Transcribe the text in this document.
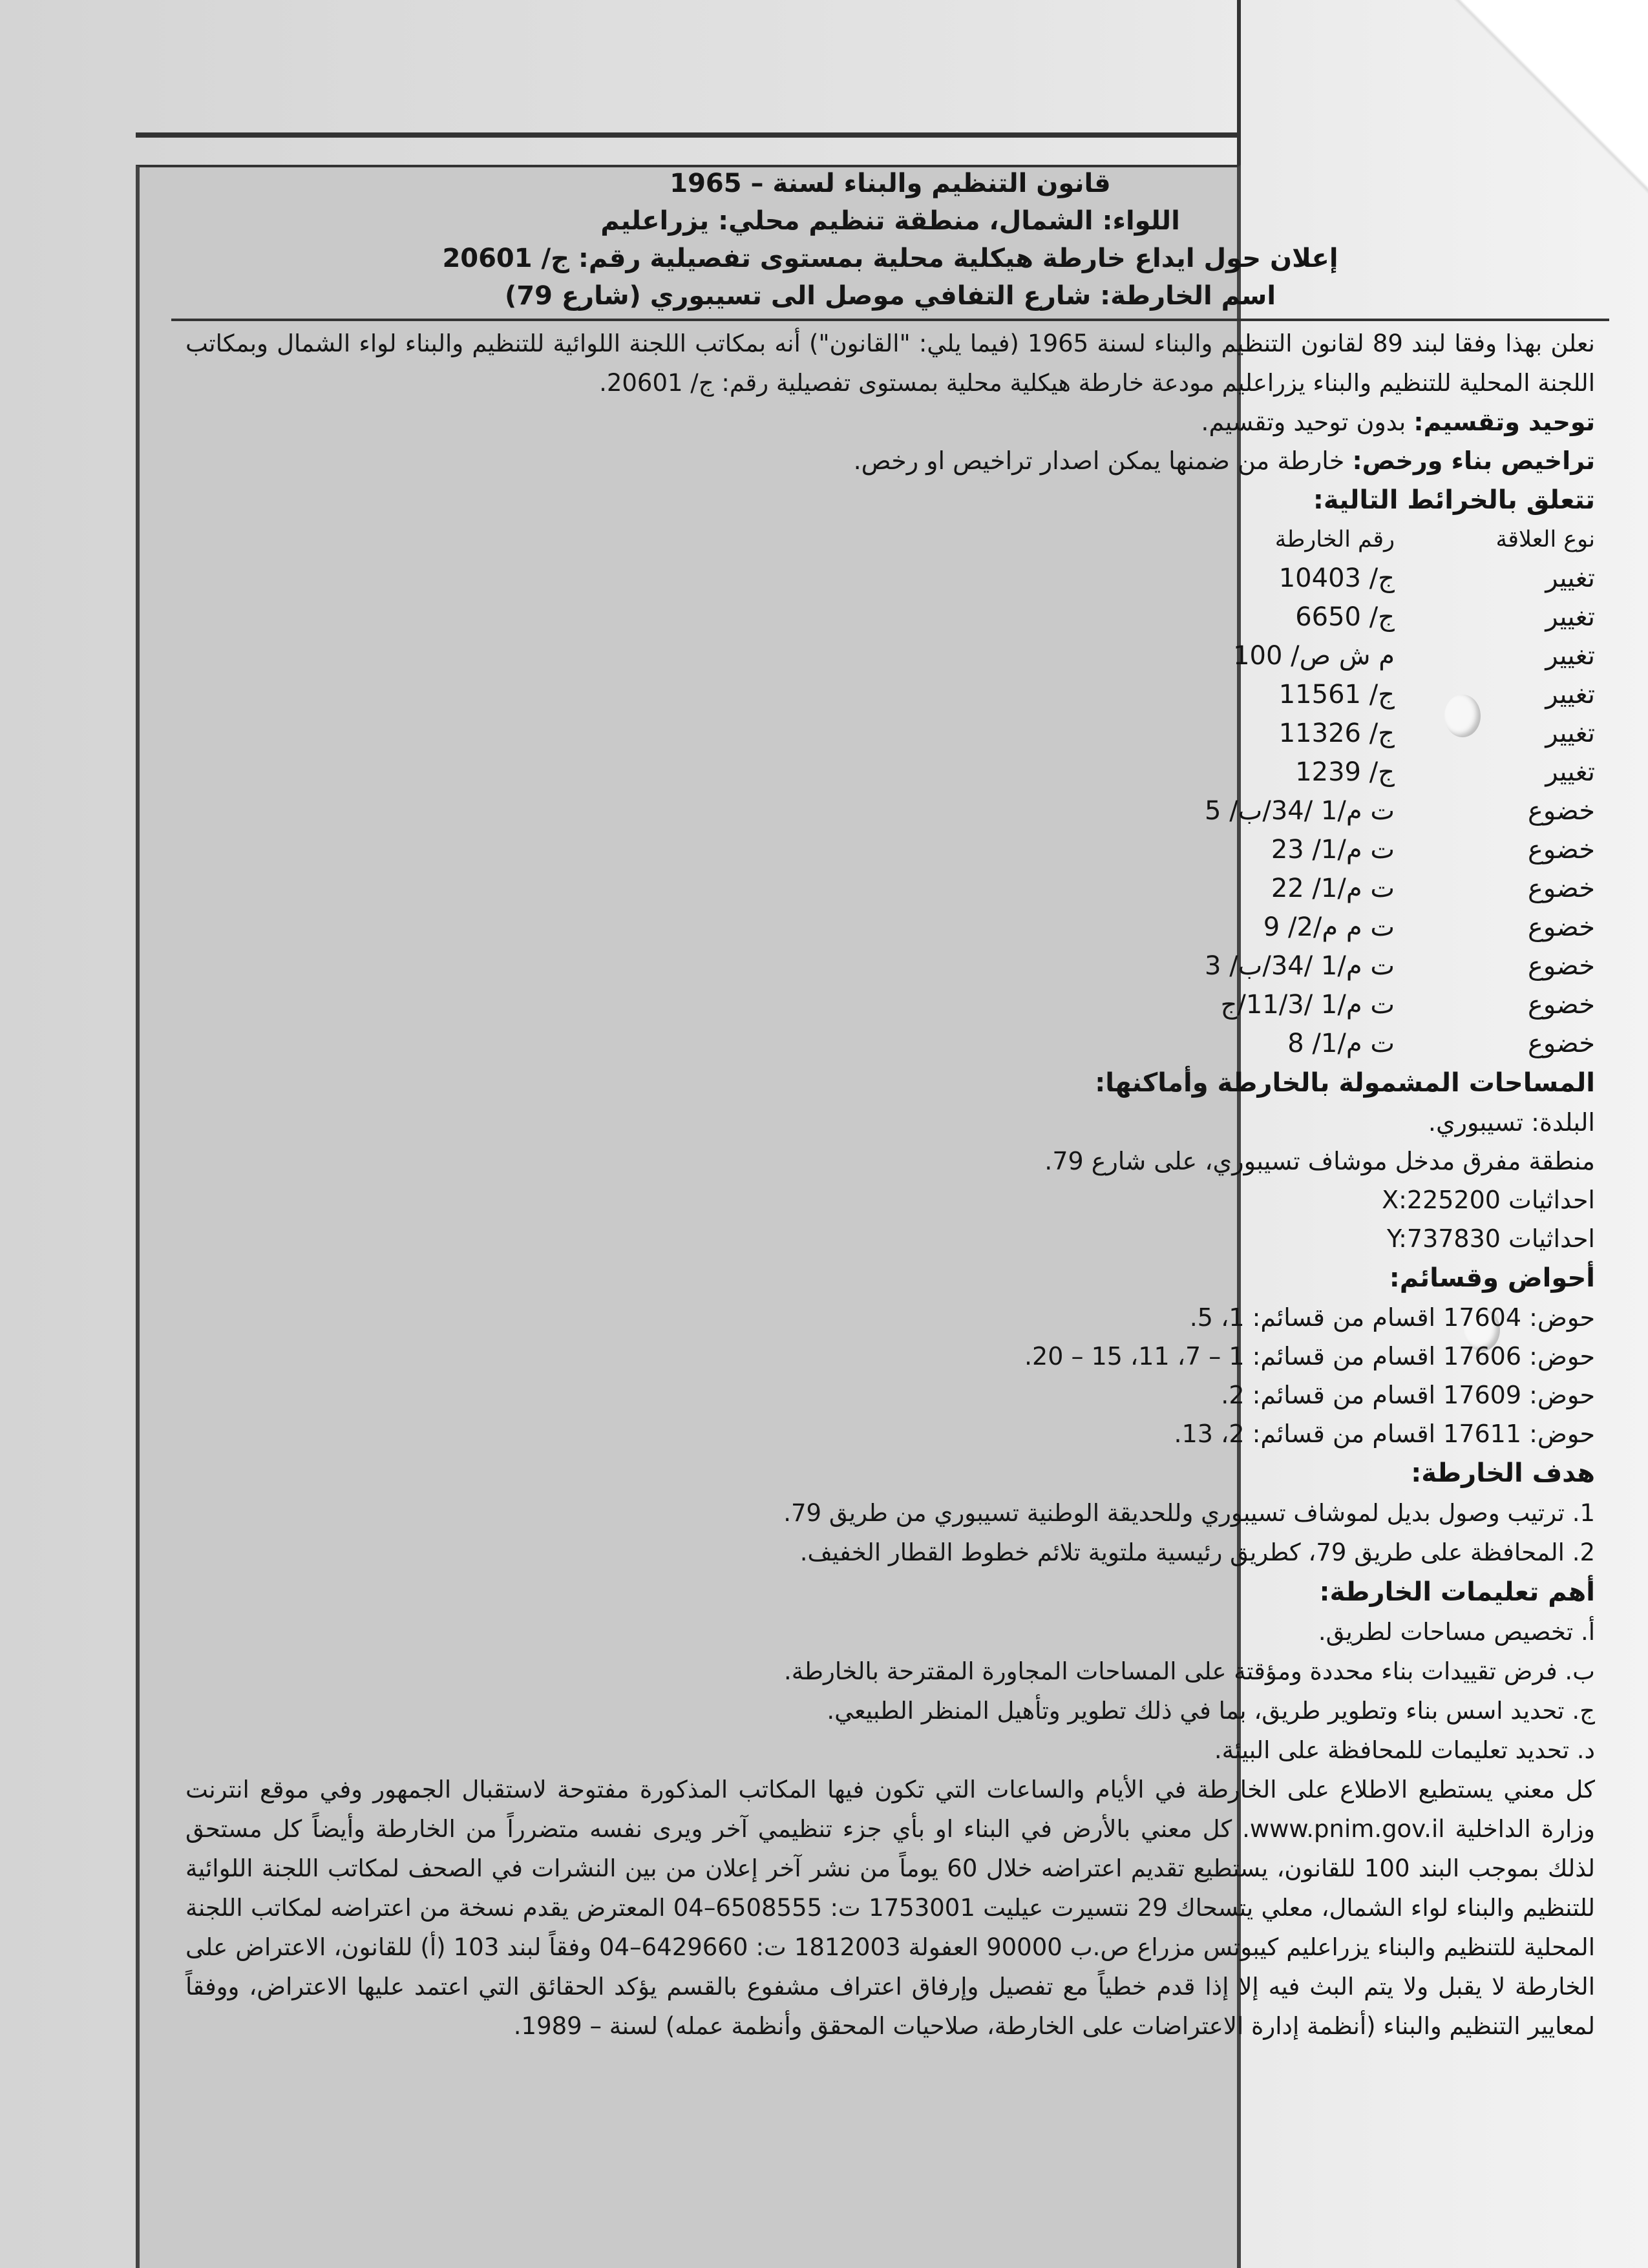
قانون التنظيم والبناء لسنة – 1965
اللواء: الشمال، منطقة تنظيم محلي: يزراعليم
إعلان حول ايداع خارطة هيكلية محلية بمستوى تفصيلية رقم: ج/ 20601
اسم الخارطة: شارع التفافي موصل الى تسيبوري (شارع 79)
نعلن بهذا وفقا لبند 89 لقانون التنظيم والبناء لسنة 1965 (فيما يلي: "القانون") أنه بمكاتب اللجنة اللوائية للتنظيم والبناء لواء الشمال وبمكاتب اللجنة المحلية للتنظيم والبناء يزراعليم مودعة خارطة هيكلية محلية بمستوى تفصيلية رقم: ج/ 20601.
توحيد وتقسيم: بدون توحيد وتقسيم.
تراخيص بناء ورخص: خارطة من ضمنها يمكن اصدار تراخيص او رخص.
تتعلق بالخرائط التالية:
نوع العلاقة
رقم الخارطة
تغيير
ج/ 10403
تغيير
ج/ 6650
تغيير
م ش ص/ 100
تغيير
ج/ 11561
تغيير
ج/ 11326
تغيير
ج/ 1239
خضوع
ت م/1 /34/ب/ 5
خضوع
ت م/1/ 23
خضوع
ت م/1/ 22
خضوع
ت م م/2/ 9
خضوع
ت م/1 /34/ب/ 3
خضوع
ت م/1 /11/3/ج
خضوع
ت م/1/ 8
المساحات المشمولة بالخارطة وأماكنها:
البلدة: تسيبوري.
منطقة مفرق مدخل موشاف تسيبوري، على شارع 79.
احداثيات X:225200
احداثيات Y:737830
أحواض وقسائم:
حوض: 17604 اقسام من قسائم: 1، 5.
حوض: 17606 اقسام من قسائم: 1 – 7، 11، 15 – 20.
حوض: 17609 اقسام من قسائم: 2.
حوض: 17611 اقسام من قسائم: 2، 13.
هدف الخارطة:
1. ترتيب وصول بديل لموشاف تسيبوري وللحديقة الوطنية تسيبوري من طريق 79.
2. المحافظة على طريق 79، كطريق رئيسية ملتوية تلائم خطوط القطار الخفيف.
أهم تعليمات الخارطة:
أ. تخصيص مساحات لطريق.
ب. فرض تقييدات بناء محددة ومؤقتة على المساحات المجاورة المقترحة بالخارطة.
ج. تحديد اسس بناء وتطوير طريق، بما في ذلك تطوير وتأهيل المنظر الطبيعي.
د. تحديد تعليمات للمحافظة على البيئة.
كل معني يستطيع الاطلاع على الخارطة في الأيام والساعات التي تكون فيها المكاتب المذكورة مفتوحة لاستقبال الجمهور وفي موقع انترنت وزارة الداخلية www.pnim.gov.il. كل معني بالأرض في البناء او بأي جزء تنظيمي آخر ويرى نفسه متضرراً من الخارطة وأيضاً كل مستحق لذلك بموجب البند 100 للقانون، يستطيع تقديم اعتراضه خلال 60 يوماً من نشر آخر إعلان من بين النشرات في الصحف لمكاتب اللجنة اللوائية للتنظيم والبناء لواء الشمال، معلي يتسحاك 29 نتسيرت عيليت 1753001 ت: 6508555–04 المعترض يقدم نسخة من اعتراضه لمكاتب اللجنة المحلية للتنظيم والبناء يزراعليم كيبوتس مزراع ص.ب 90000 العفولة 1812003 ت: 6429660–04 وفقاً لبند 103 (أ) للقانون، الاعتراض على الخارطة لا يقبل ولا يتم البث فيه إلا إذا قدم خطياً مع تفصيل وإرفاق اعتراف مشفوع بالقسم يؤكد الحقائق التي اعتمد عليها الاعتراض، ووفقاً لمعايير التنظيم والبناء (أنظمة إدارة الاعتراضات على الخارطة، صلاحيات المحقق وأنظمة عمله) لسنة – 1989.
